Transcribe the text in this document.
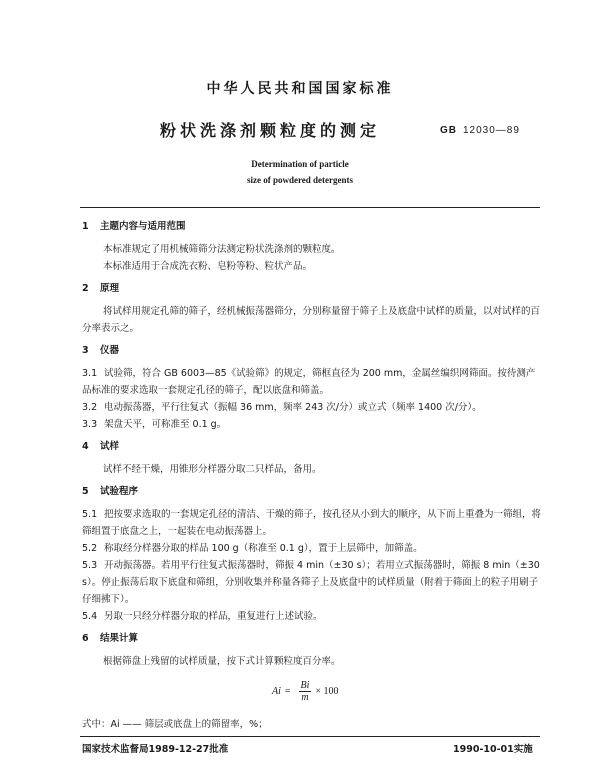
中华人民共和国国家标准
粉状洗涤剂颗粒度的测定	GB 12030—89
Determination of particle
size of powdered detergents
1 主题内容与适用范围
本标准规定了用机械筛筛分法测定粉状洗涤剂的颗粒度。
本标准适用于合成洗衣粉、皂粉等粉、粒状产品。
2 原理
将试样用规定孔筛的筛子，经机械振荡器筛分，分别称量留于筛子上及底盘中试样的质量，以对试样的百分率表示之。
3 仪器
3.1 试验筛，符合 GB 6003—85《试验筛》的规定，筛框直径为 200 mm，金属丝编织网筛面。按待测产品标准的要求选取一套规定孔径的筛子，配以底盘和筛盖。
3.2 电动振荡器，平行往复式（振幅 36 mm，频率 243 次/分）或立式（频率 1400 次/分）。
3.3 架盘天平，可称准至 0.1 g。
4 试样
试样不经干燥，用锥形分样器分取二只样品，备用。
5 试验程序
5.1 把按要求选取的一套规定孔径的清洁、干燥的筛子，按孔径从小到大的顺序，从下而上重叠为一筛组，将筛组置于底盘之上，一起装在电动振荡器上。
5.2 称取经分样器分取的样品 100 g（称准至 0.1 g），置于上层筛中，加筛盖。
5.3 开动振荡器。若用平行往复式振荡器时，筛振 4 min（±30 s）；若用立式振荡器时，筛振 8 min（±30 s）。停止振荡后取下底盘和筛组，分别收集并称量各筛子上及底盘中的试样质量（附着于筛面上的粒子用刷子仔细拂下）。
5.4 另取一只经分样器分取的样品，重复进行上述试验。
6 结果计算
根据筛盘上残留的试样质量，按下式计算颗粒度百分率。
$Ai = \frac{Bi}{m} \times 100$
式中：Ai —— 筛层或底盘上的筛留率，%；
国家技术监督局1989-12-27批准	1990-10-01实施
